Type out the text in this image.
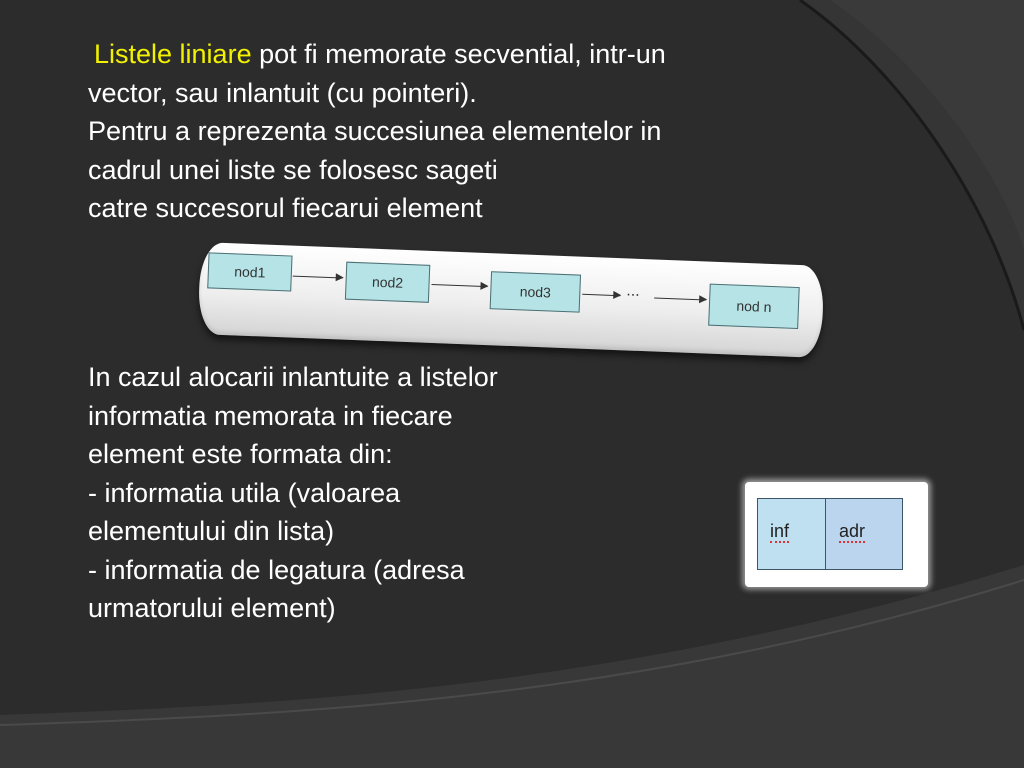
Listele liniare pot fi memorate secvential, intr-un
vector, sau inlantuit (cu pointeri).
Pentru a reprezenta succesiunea elementelor in
cadrul unei liste se folosesc sageti
catre succesorul fiecarui element
nod1
nod2
nod3	...
nod n
In cazul alocarii inlantuite a listelor
informatia memorata in fiecare
element este formata din:
- informatia utila (valoarea
elementului din lista)
- informatia de legatura (adresa
urmatorului element)
inf	adr
